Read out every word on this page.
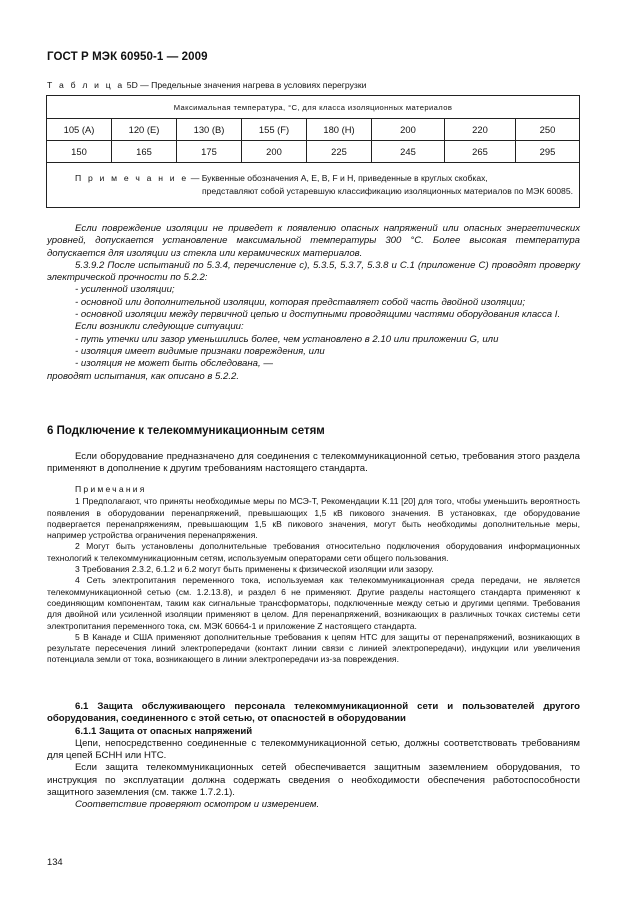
ГОСТ Р МЭК 60950-1 — 2009
Т а б л и ц а 5D — Предельные значения нагрева в условиях перегрузки
Максимальная температура, °С, для класса изоляционных материалов							
105 (A)	120 (E)	130 (B)	155 (F)	180 (H)	200	220	250
150	165	175	200	225	245	265	295

П р и м е ч а н и е — Буквенные обозначения A, E, B, F и H, приведенные в круглых скобках,
представляют собой устаревшую классификацию изоляционных материалов по МЭК 60085.							

Если повреждение изоляции не приведет к появлению опасных напряжений или опасных энергетических уровней, допускается установление максимальной температуры 300 °С. Более высокая температура допускается для изоляции из стекла или керамических материалов.

5.3.9.2 После испытаний по 5.3.4, перечисление c), 5.3.5, 5.3.7, 5.3.8 и С.1 (приложение С) проводят проверку электрической прочности по 5.2.2:

- усиленной изоляции;

- основной или дополнительной изоляции, которая представляет собой часть двойной изоляции;

- основной изоляции между первичной цепью и доступными проводящими частями оборудования класса I.

Если возникли следующие ситуации:

- путь утечки или зазор уменьшились более, чем установлено в 2.10 или приложении G, или

- изоляция имеет видимые признаки повреждения, или

- изоляция не может быть обследована, —

проводят испытания, как описано в 5.2.2.

6 Подключение к телекоммуникационным сетям

Если оборудование предназначено для соединения с телекоммуникационной сетью, требования этого раздела применяют в дополнение к другим требованиям настоящего стандарта.

Примечания

1 Предполагают, что приняты необходимые меры по МСЭ-Т, Рекомендации К.11 [20] для того, чтобы уменьшить вероятность появления в оборудовании перенапряжений, превышающих 1,5 кВ пикового значения. В установках, где оборудование подвергается перенапряжениям, превышающим 1,5 кВ пикового значения, могут быть необходимы дополнительные меры, например устройства ограничения перенапряжения.

2 Могут быть установлены дополнительные требования относительно подключения оборудования информационных технологий к телекоммуникационным сетям, используемым операторами сети общего пользования.

3 Требования 2.3.2, 6.1.2 и 6.2 могут быть применены к физической изоляции или зазору.

4 Сеть электропитания переменного тока, используемая как телекоммуникационная среда передачи, не является телекоммуникационной сетью (см. 1.2.13.8), и раздел 6 не применяют. Другие разделы настоящего стандарта применяют к соединяющим компонентам, таким как сигнальные трансформаторы, подключенные между сетью и другими цепями. Требования для двойной или усиленной изоляции применяют в целом. Для перенапряжений, возникающих в различных точках системы сети электропитания переменного тока, см. МЭК 60664-1 и приложение Z настоящего стандарта.

5 В Канаде и США применяют дополнительные требования к цепям НТС для защиты от перенапряжений, возникающих в результате пересечения линий электропередачи (контакт линии связи с линией электропередачи), индукции или увеличения потенциала земли от тока, возникающего в линии электропередачи из-за повреждения.

6.1 Защита обслуживающего персонала телекоммуникационной сети и пользователей другого оборудования, соединенного с этой сетью, от опасностей в оборудовании

6.1.1 Защита от опасных напряжений

Цепи, непосредственно соединенные с телекоммуникационной сетью, должны соответствовать требованиям для цепей БСНН или НТС.

Если защита телекоммуникационных сетей обеспечивается защитным заземлением оборудования, то инструкция по эксплуатации должна содержать сведения о необходимости обеспечения работоспособности защитного заземления (см. также 1.7.2.1).

Соответствие проверяют осмотром и измерением.

134
